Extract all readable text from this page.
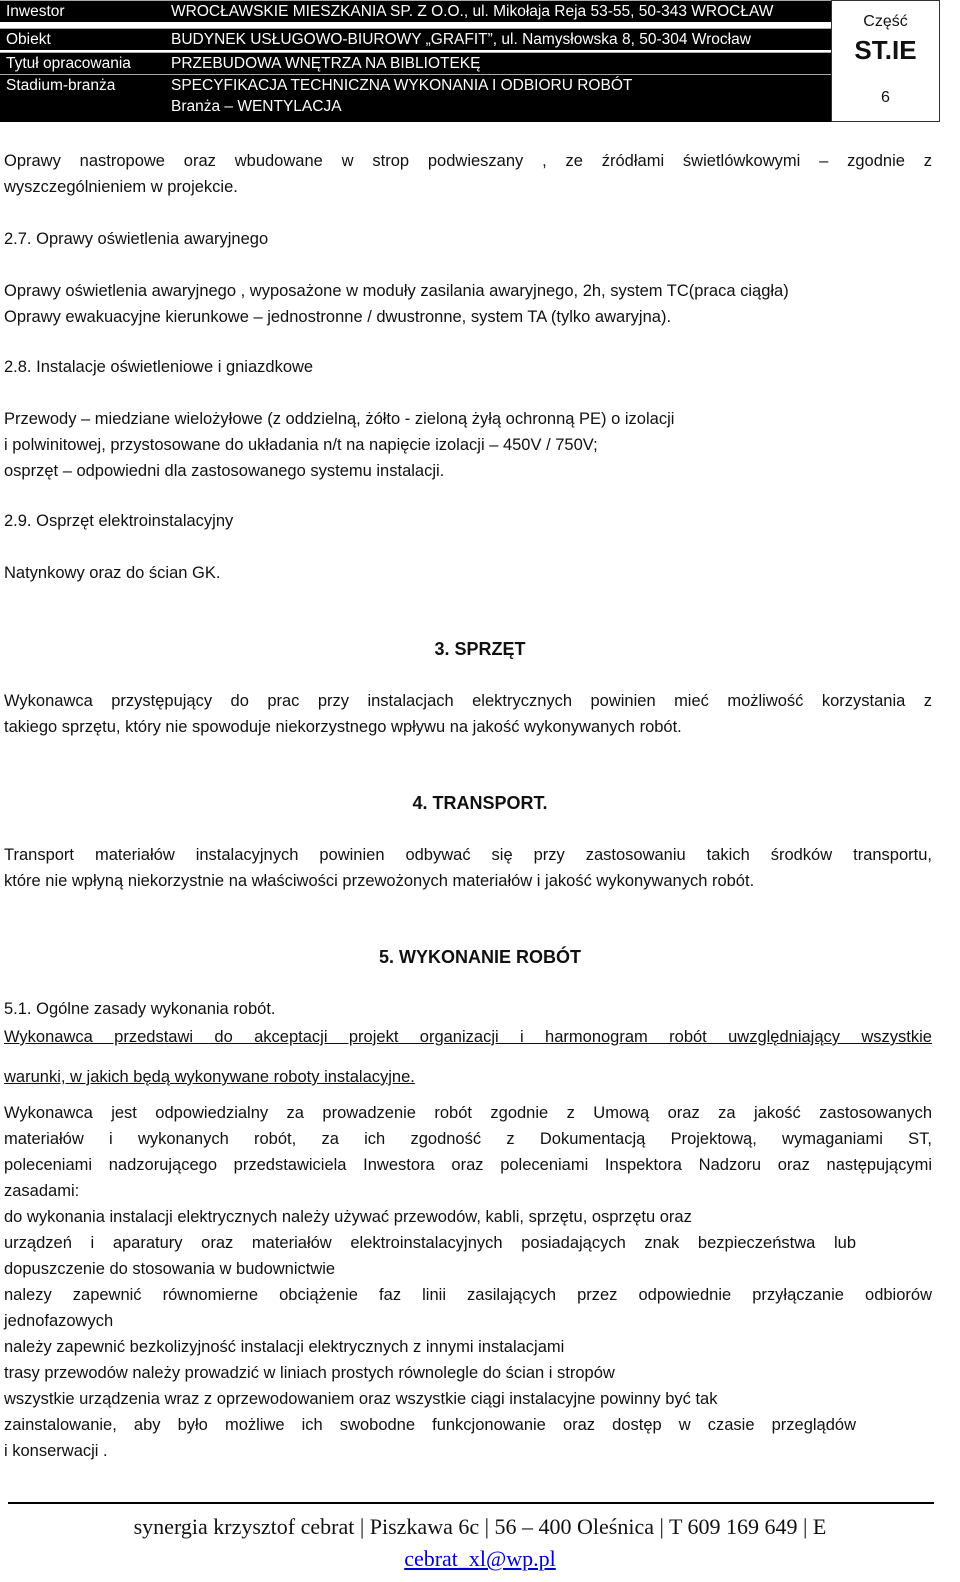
Inwestor
Obiekt
Tytuł opracowania
Stadium-branża
WROCŁAWSKIE MIESZKANIA SP. Z O.O., ul. Mikołaja Reja 53-55, 50-343 WROCŁAW
BUDYNEK USŁUGOWO-BIUROWY „GRAFIT”, ul. Namysłowska 8, 50-304 Wrocław
PRZEBUDOWA WNĘTRZA NA BIBLIOTEKĘ
SPECYFIKACJA TECHNICZNA WYKONANIA I ODBIORU ROBÓT
Branża – WENTYLACJA
Część
ST.IE
6
Oprawy nastropowe oraz wbudowane w strop podwieszany , ze źródłami świetlówkowymi – zgodnie z
wyszczególnieniem w projekcie.
2.7. Oprawy oświetlenia awaryjnego
Oprawy oświetlenia awaryjnego , wyposażone w moduły zasilania awaryjnego, 2h, system TC(praca ciągła)
Oprawy ewakuacyjne kierunkowe – jednostronne / dwustronne, system TA (tylko awaryjna).
2.8. Instalacje oświetleniowe i gniazdkowe
Przewody – miedziane wielożyłowe (z oddzielną, żółto - zieloną żyłą ochronną PE) o izolacji
i polwinitowej, przystosowane do układania n/t na napięcie izolacji – 450V / 750V;
osprzęt – odpowiedni dla zastosowanego systemu instalacji.
2.9. Osprzęt elektroinstalacyjny
Natynkowy oraz do ścian GK.
3. SPRZĘT
Wykonawca przystępujący do prac przy instalacjach elektrycznych powinien mieć możliwość korzystania z
takiego sprzętu, który nie spowoduje niekorzystnego wpływu na jakość wykonywanych robót.
4. TRANSPORT.
Transport materiałów instalacyjnych powinien odbywać się przy zastosowaniu takich środków transportu,
które nie wpłyną niekorzystnie na właściwości przewożonych materiałów i jakość wykonywanych robót.
5. WYKONANIE ROBÓT
5.1. Ogólne zasady wykonania robót.
Wykonawca przedstawi do akceptacji projekt organizacji i harmonogram robót uwzględniający wszystkie
warunki, w jakich będą wykonywane roboty instalacyjne.
Wykonawca jest odpowiedzialny za prowadzenie robót zgodnie z Umową oraz za jakość zastosowanych
materiałów i wykonanych robót, za ich zgodność z Dokumentacją Projektową, wymaganiami ST,
poleceniami nadzorującego przedstawiciela Inwestora oraz poleceniami Inspektora Nadzoru oraz następującymi
zasadami:
do wykonania instalacji elektrycznych należy używać przewodów, kabli, sprzętu, osprzętu oraz
urządzeń i aparatury oraz materiałów elektroinstalacyjnych posiadających znak bezpieczeństwa lub
dopuszczenie do stosowania w budownictwie
nalezy zapewnić równomierne obciążenie faz linii zasilających przez odpowiednie przyłączanie odbiorów
jednofazowych
należy zapewnić bezkolizyjność instalacji elektrycznych z innymi instalacjami
trasy przewodów należy prowadzić w liniach prostych równolegle do ścian i stropów
wszystkie urządzenia wraz z oprzewodowaniem oraz wszystkie ciągi instalacyjne powinny być tak
zainstalowanie, aby było możliwe ich swobodne funkcjonowanie oraz dostęp w czasie przeglądów
i konserwacji .
synergia krzysztof cebrat | Piszkawa 6c | 56 – 400 Oleśnica | T 609 169 649 | E
cebrat_xl@wp.pl
